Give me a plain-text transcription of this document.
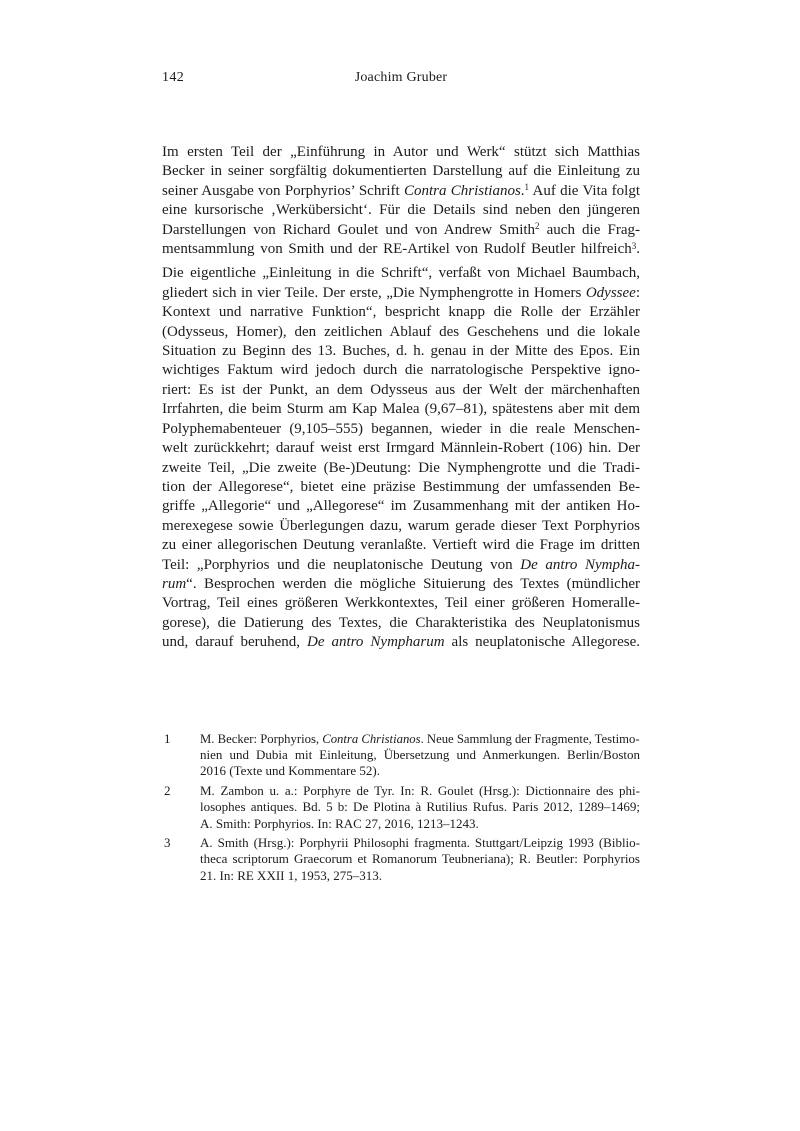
142	Joachim Gruber
Im ersten Teil der „Einführung in Autor und Werk“ stützt sich Matthias
Becker in seiner sorgfältig dokumentierten Darstellung auf die Einleitung zu
seiner Ausgabe von Porphyrios’ Schrift Contra Christianos.$^1$ Auf die Vita folgt
eine kursorische ‚Werkübersicht‘. Für die Details sind neben den jüngeren
Darstellungen von Richard Goulet und von Andrew Smith$^2$ auch die Frag-
mentsammlung von Smith und der RE-Artikel von Rudolf Beutler hilfreich$^3$.
Die eigentliche „Einleitung in die Schrift“, verfaßt von Michael Baumbach,
gliedert sich in vier Teile. Der erste, „Die Nymphengrotte in Homers Odyssee:
Kontext und narrative Funktion“, bespricht knapp die Rolle der Erzähler
(Odysseus, Homer), den zeitlichen Ablauf des Geschehens und die lokale
Situation zu Beginn des 13. Buches, d. h. genau in der Mitte des Epos. Ein
wichtiges Faktum wird jedoch durch die narratologische Perspektive igno-
riert: Es ist der Punkt, an dem Odysseus aus der Welt der märchenhaften
Irrfahrten, die beim Sturm am Kap Malea (9,67–81), spätestens aber mit dem
Polyphemabenteuer (9,105–555) begannen, wieder in die reale Menschen-
welt zurückkehrt; darauf weist erst Irmgard Männlein-Robert (106) hin. Der
zweite Teil, „Die zweite (Be-)Deutung: Die Nymphengrotte und die Tradi-
tion der Allegorese“, bietet eine präzise Bestimmung der umfassenden Be-
griffe „Allegorie“ und „Allegorese“ im Zusammenhang mit der antiken Ho-
merexegese sowie Überlegungen dazu, warum gerade dieser Text Porphyrios
zu einer allegorischen Deutung veranlaßte. Vertieft wird die Frage im dritten
Teil: „Porphyrios und die neuplatonische Deutung von De antro Nympha-
rum“. Besprochen werden die mögliche Situierung des Textes (mündlicher
Vortrag, Teil eines größeren Werkkontextes, Teil einer größeren Homeralle-
gorese), die Datierung des Textes, die Charakteristika des Neuplatonismus
und, darauf beruhend, De antro Nympharum als neuplatonische Allegorese.
1 M. Becker: Porphyrios, Contra Christianos. Neue Sammlung der Fragmente, Testimo-
nien und Dubia mit Einleitung, Übersetzung und Anmerkungen. Berlin/Boston
2016 (Texte und Kommentare 52).
2 M. Zambon u. a.: Porphyre de Tyr. In: R. Goulet (Hrsg.): Dictionnaire des phi-
losophes antiques. Bd. 5 b: De Plotina à Rutilius Rufus. Paris 2012, 1289–1469;
A. Smith: Porphyrios. In: RAC 27, 2016, 1213–1243.
3 A. Smith (Hrsg.): Porphyrii Philosophi fragmenta. Stuttgart/Leipzig 1993 (Biblio-
theca scriptorum Graecorum et Romanorum Teubneriana); R. Beutler: Porphyrios
21. In: RE XXII 1, 1953, 275–313.
